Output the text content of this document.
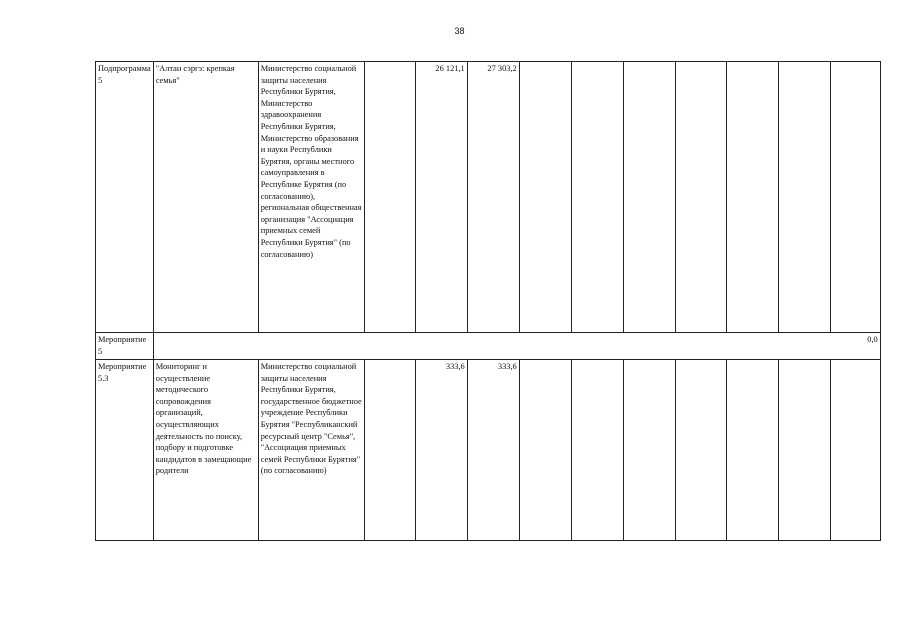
38
Подпрограмма 5	"Алтан сэргэ: крепкая семья"	Министерство социальной защиты населения Республики Бурятия, Министерство здравоохранения Республики Бурятия, Министерство образования и науки Республики Бурятия, органы местного самоуправления в Республике Бурятия (по согласованию), региональная общественная организация "Ассоциация приемных семей Республики Бурятия" (по согласованию)		26 121,1	27 303,2							
Мероприятие 5	0,0											
Мероприятие 5.3	Мониторинг и осуществление методического сопровождения организаций, осуществляющих деятельность по поиску, подбору и подготовке кандидатов в замещающие родители	Министерство социальной защиты населения Республики Бурятия, государственное бюджетное учреждение Республики Бурятия "Республиканский ресурсный центр "Семья", "Ассоциация приемных семей Республики Бурятия" (по согласованию)		333,6	333,6							
